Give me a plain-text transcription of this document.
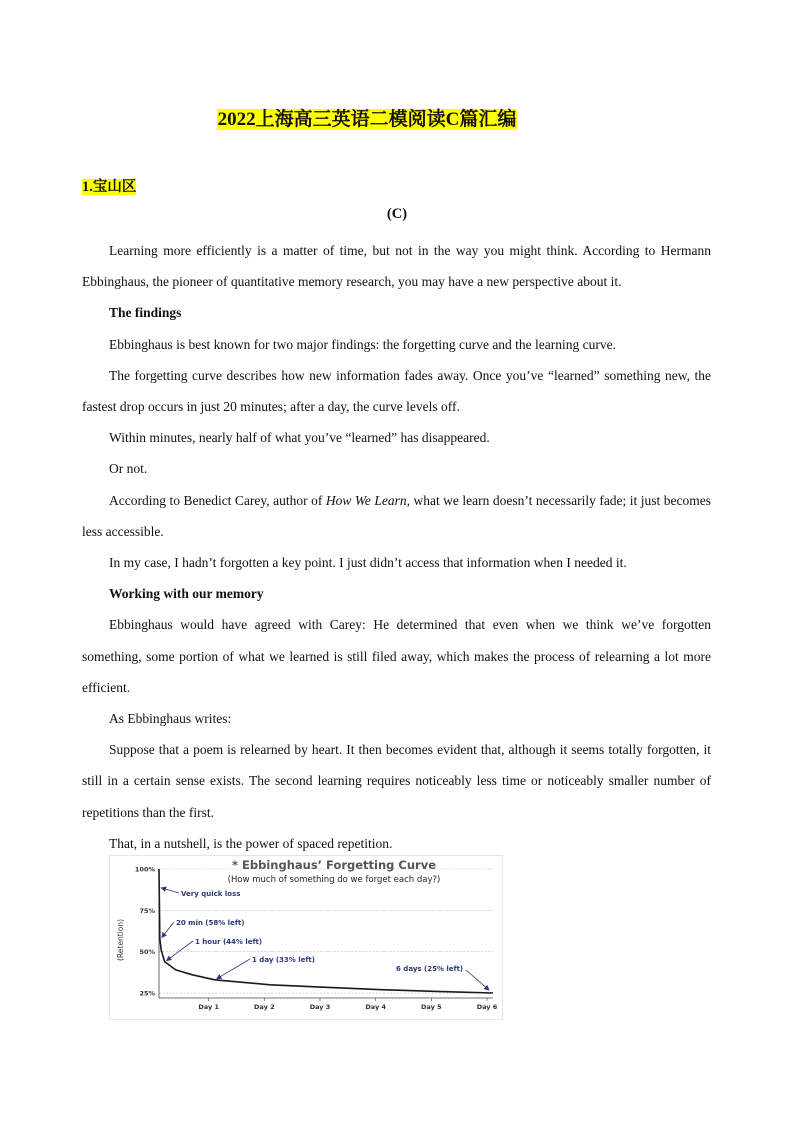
2022上海高三英语二模阅读C篇汇编
1.宝山区
(C)

Learning more efficiently is a matter of time, but not in the way you might think. According to Hermann Ebbinghaus, the pioneer of quantitative memory research, you may have a new perspective about it.

The findings

Ebbinghaus is best known for two major findings: the forgetting curve and the learning curve.

The forgetting curve describes how new information fades away. Once you’ve “learned” something new, the fastest drop occurs in just 20 minutes; after a day, the curve levels off.

Within minutes, nearly half of what you’ve “learned” has disappeared.

Or not.

According to Benedict Carey, author of How We Learn, what we learn doesn’t necessarily fade; it just becomes less accessible.

In my case, I hadn’t forgotten a key point. I just didn’t access that information when I needed it.

Working with our memory

Ebbinghaus would have agreed with Carey: He determined that even when we think we’ve forgotten something, some portion of what we learned is still filed away, which makes the process of relearning a lot more efficient.

As Ebbinghaus writes:

Suppose that a poem is relearned by heart. It then becomes evident that, although it seems totally forgotten, it still in a certain sense exists. The second learning requires noticeably less time or noticeably smaller number of repetitions than the first.

That, in a nutshell, is the power of spaced repetition.

Very quick loss
20 min (58% left)
1 hour (44% left)
1 day (33% left)
6 days (25% left)
100%
75%
50%
25%
Day 1	Day 2	Day 3	Day 4	Day 5	Day 6
* Ebbinghaus’ Forgetting Curve
(How much of something do we forget each day?)
(Retention)
